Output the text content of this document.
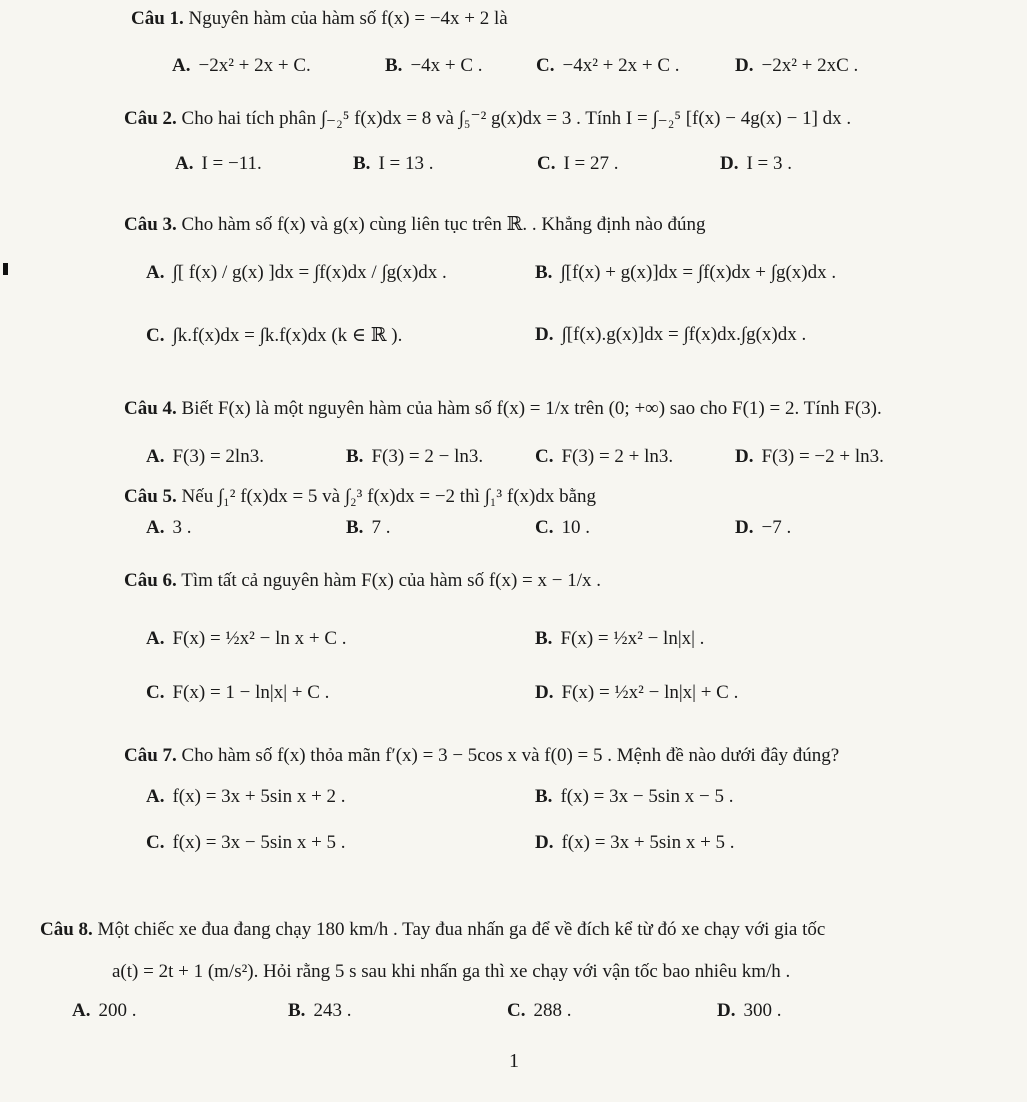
Câu 1. Nguyên hàm của hàm số f(x) = −4x + 2 là
A. −2x² + 2x + C.	B. −4x + C .	C. −4x² + 2x + C .	D. −2x² + 2xC .
Câu 2. Cho hai tích phân ∫₋₂⁵ f(x)dx = 8 và ∫₅⁻² g(x)dx = 3 . Tính I = ∫₋₂⁵ [f(x) − 4g(x) − 1] dx .
A. I = −11.	B. I = 13 .	C. I = 27 .	D. I = 3 .
Câu 3. Cho hàm số f(x) và g(x) cùng liên tục trên ℝ. . Khẳng định nào đúng
A. ∫[ f(x) / g(x) ]dx = ∫f(x)dx / ∫g(x)dx .	B. ∫[f(x) + g(x)]dx = ∫f(x)dx + ∫g(x)dx .
C. ∫k.f(x)dx = ∫k.f(x)dx (k ∈ ℝ ).	D. ∫[f(x).g(x)]dx = ∫f(x)dx.∫g(x)dx .
Câu 4. Biết F(x) là một nguyên hàm của hàm số f(x) = 1/x trên (0; +∞) sao cho F(1) = 2. Tính F(3).
A. F(3) = 2ln3.	B. F(3) = 2 − ln3.	C. F(3) = 2 + ln3.	D. F(3) = −2 + ln3.
Câu 5. Nếu ∫₁² f(x)dx = 5 và ∫₂³ f(x)dx = −2 thì ∫₁³ f(x)dx bằng
A. 3 .	B. 7 .	C. 10 .	D. −7 .
Câu 6. Tìm tất cả nguyên hàm F(x) của hàm số f(x) = x − 1/x .
A. F(x) = ½x² − ln x + C .	B. F(x) = ½x² − ln|x| .
C. F(x) = 1 − ln|x| + C .	D. F(x) = ½x² − ln|x| + C .
Câu 7. Cho hàm số f(x) thỏa mãn f′(x) = 3 − 5cos x và f(0) = 5 . Mệnh đề nào dưới đây đúng?
A. f(x) = 3x + 5sin x + 2 .	B. f(x) = 3x − 5sin x − 5 .
C. f(x) = 3x − 5sin x + 5 .	D. f(x) = 3x + 5sin x + 5 .
Câu 8. Một chiếc xe đua đang chạy 180 km/h . Tay đua nhấn ga để về đích kể từ đó xe chạy với gia tốc
a(t) = 2t + 1 (m/s²). Hỏi rằng 5 s sau khi nhấn ga thì xe chạy với vận tốc bao nhiêu km/h .
A. 200 .	B. 243 .	C. 288 .	D. 300 .
1
